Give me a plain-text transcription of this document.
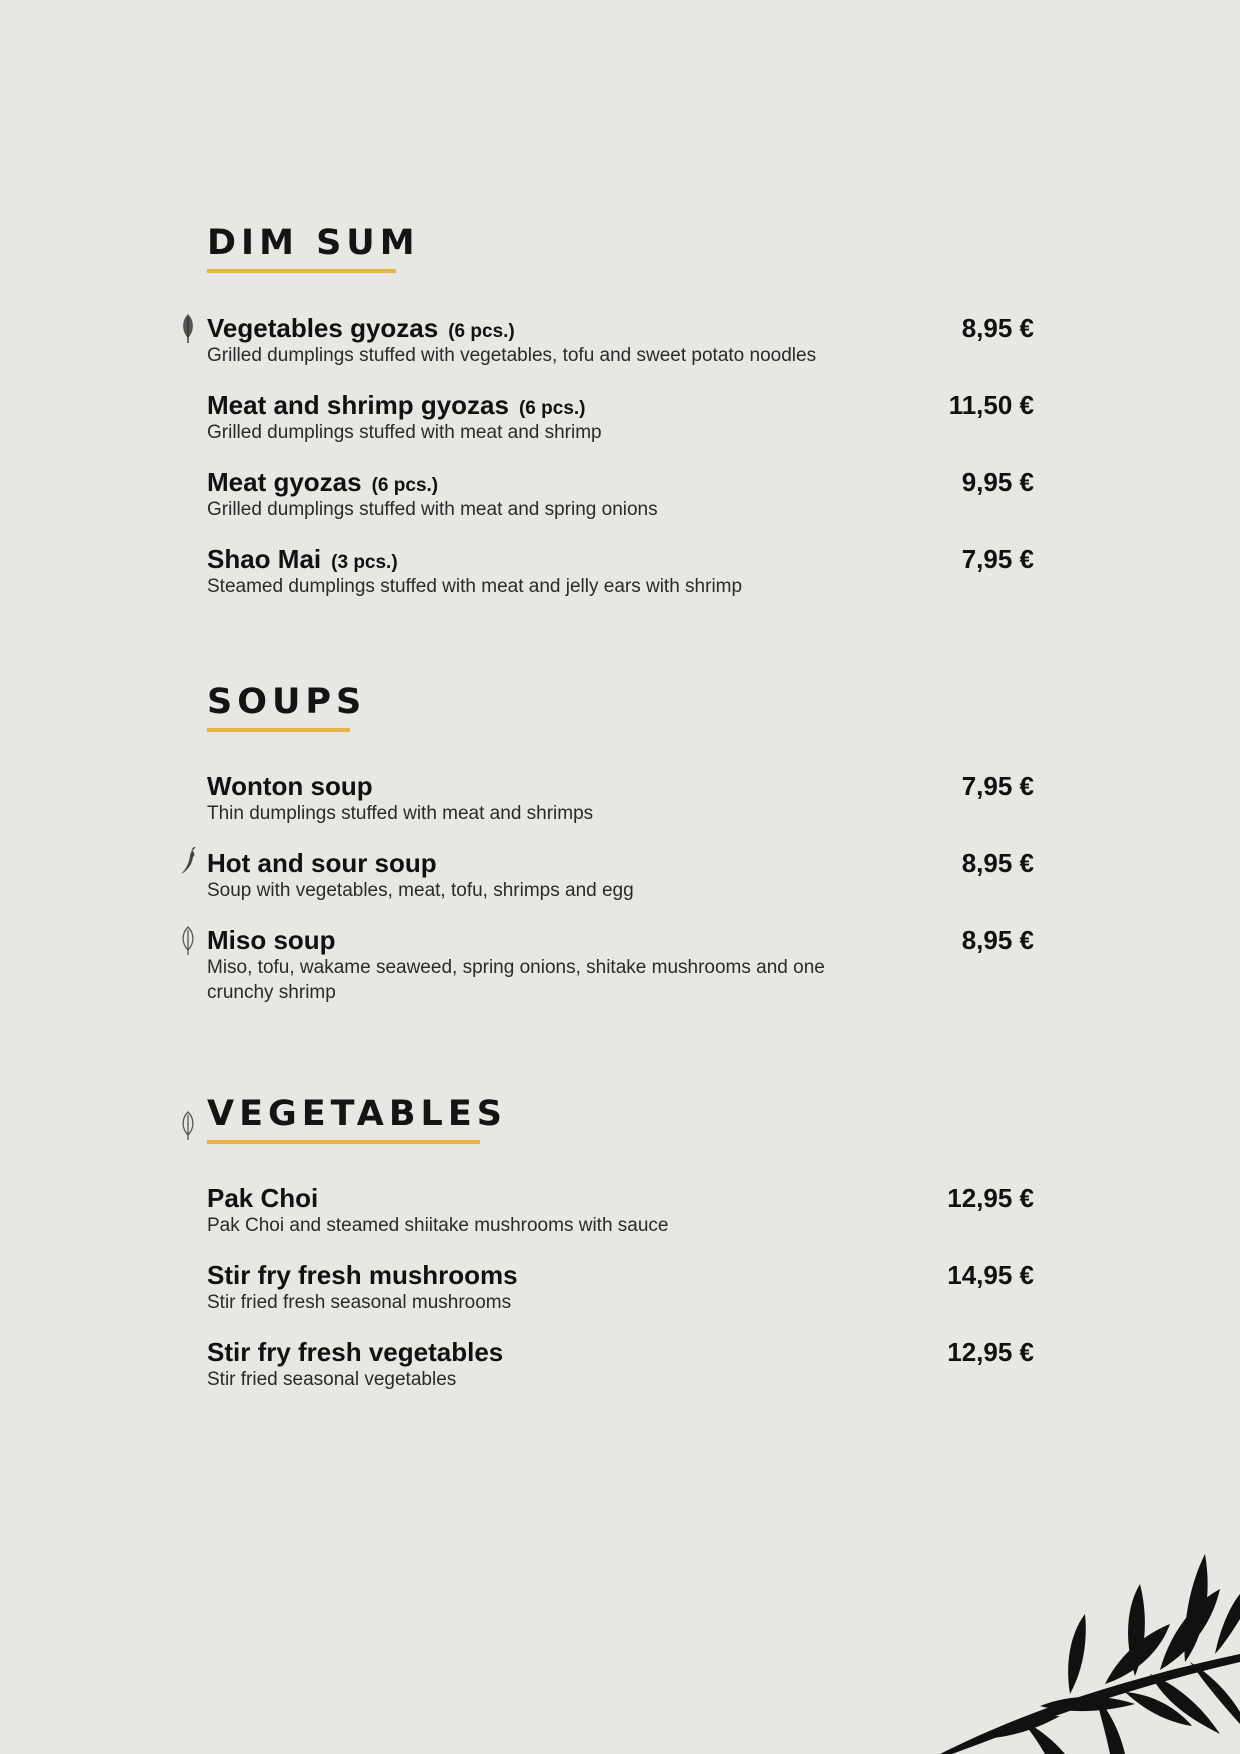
DIM SUM
Vegetables gyozas (6 pcs.)
Grilled dumplings stuffed with vegetables, tofu and sweet potato noodles
8,95 €
Meat and shrimp gyozas (6 pcs.)
Grilled dumplings stuffed with meat and shrimp
11,50 €
Meat gyozas (6 pcs.)
Grilled dumplings stuffed with meat and spring onions
9,95 €
Shao Mai (3 pcs.)
Steamed dumplings stuffed with meat and jelly ears with shrimp
7,95 €
SOUPS
Wonton soup
Thin dumplings stuffed with meat and shrimps
7,95 €
Hot and sour soup
Soup with vegetables, meat, tofu, shrimps and egg
8,95 €
Miso soup
Miso, tofu, wakame seaweed, spring onions, shitake mushrooms and one crunchy shrimp
8,95 €
VEGETABLES
Pak Choi
Pak Choi and steamed shiitake mushrooms with sauce
12,95 €
Stir fry fresh mushrooms
Stir fried fresh seasonal mushrooms
14,95 €
Stir fry fresh vegetables
Stir fried seasonal vegetables
12,95 €
